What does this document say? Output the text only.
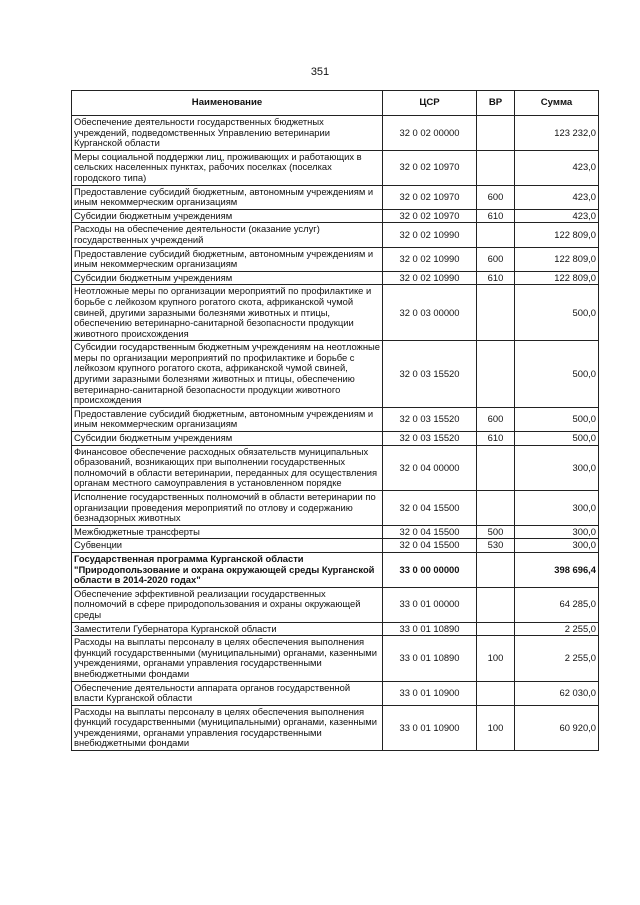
351
Наименование	ЦСР	ВР	Сумма
Обеспечение деятельности государственных бюджетных учреждений, подведомственных Управлению ветеринарии Курганской области	32 0 02 00000		123 232,0
Меры социальной поддержки лиц, проживающих и работающих в сельских населенных пунктах, рабочих поселках (поселках городского типа)	32 0 02 10970		423,0
Предоставление субсидий бюджетным, автономным учреждениям и иным некоммерческим организациям	32 0 02 10970	600	423,0
Субсидии бюджетным учреждениям	32 0 02 10970	610	423,0
Расходы на обеспечение деятельности (оказание услуг) государственных учреждений	32 0 02 10990		122 809,0
Предоставление субсидий бюджетным, автономным учреждениям и иным некоммерческим организациям	32 0 02 10990	600	122 809,0
Субсидии бюджетным учреждениям	32 0 02 10990	610	122 809,0
Неотложные меры по организации мероприятий по профилактике и борьбе с лейкозом крупного рогатого скота, африканской чумой свиней, другими заразными болезнями животных и птицы, обеспечению ветеринарно-санитарной безопасности продукции животного происхождения	32 0 03 00000		500,0
Субсидии государственным бюджетным учреждениям на неотложные меры по организации мероприятий по профилактике и борьбе с лейкозом крупного рогатого скота, африканской чумой свиней, другими заразными болезнями животных и птицы, обеспечению ветеринарно-санитарной безопасности продукции животного происхождения	32 0 03 15520		500,0
Предоставление субсидий бюджетным, автономным учреждениям и иным некоммерческим организациям	32 0 03 15520	600	500,0
Субсидии бюджетным учреждениям	32 0 03 15520	610	500,0
Финансовое обеспечение расходных обязательств муниципальных образований, возникающих при выполнении государственных полномочий в области ветеринарии, переданных для осуществления органам местного самоуправления в установленном порядке	32 0 04 00000		300,0
Исполнение государственных полномочий в области ветеринарии по организации проведения мероприятий по отлову и содержанию безнадзорных животных	32 0 04 15500		300,0
Межбюджетные трансферты	32 0 04 15500	500	300,0
Субвенции	32 0 04 15500	530	300,0
Государственная программа Курганской области "Природопользование и охрана окружающей среды Курганской области в 2014-2020 годах"	33 0 00 00000		398 696,4
Обеспечение эффективной реализации государственных полномочий в сфере природопользования и охраны окружающей среды	33 0 01 00000		64 285,0
Заместители Губернатора Курганской области	33 0 01 10890		2 255,0
Расходы на выплаты персоналу в целях обеспечения выполнения функций государственными (муниципальными) органами, казенными учреждениями, органами управления государственными внебюджетными фондами	33 0 01 10890	100	2 255,0
Обеспечение деятельности аппарата органов государственной власти Курганской области	33 0 01 10900		62 030,0
Расходы на выплаты персоналу в целях обеспечения выполнения функций государственными (муниципальными) органами, казенными учреждениями, органами управления государственными внебюджетными фондами	33 0 01 10900	100	60 920,0
